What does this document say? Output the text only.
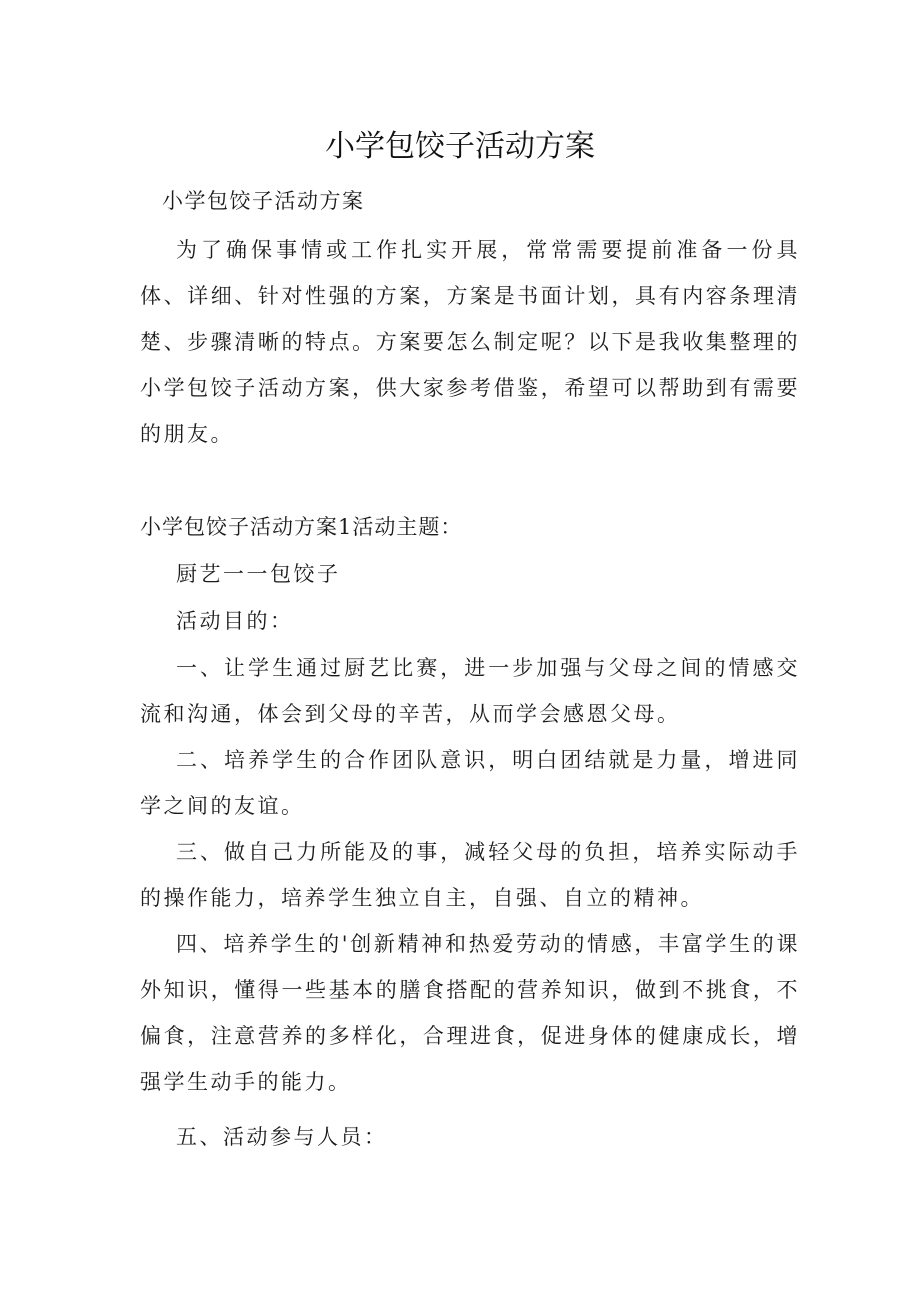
小学包饺子活动方案

小学包饺子活动方案

为了确保事情或工作扎实开展，常常需要提前准备一份具体、详细、针对性强的方案，方案是书面计划，具有内容条理清楚、步骤清晰的特点。方案要怎么制定呢？以下是我收集整理的小学包饺子活动方案，供大家参考借鉴，希望可以帮助到有需要的朋友。

小学包饺子活动方案1活动主题：

厨艺一一包饺子

活动目的：

一、让学生通过厨艺比赛，进一步加强与父母之间的情感交流和沟通，体会到父母的辛苦，从而学会感恩父母。

二、培养学生的合作团队意识，明白团结就是力量，增进同学之间的友谊。

三、做自己力所能及的事，减轻父母的负担，培养实际动手的操作能力，培养学生独立自主，自强、自立的精神。

四、培养学生的'创新精神和热爱劳动的情感，丰富学生的课外知识，懂得一些基本的膳食搭配的营养知识，做到不挑食，不偏食，注意营养的多样化，合理进食，促进身体的健康成长，增强学生动手的能力。

五、活动参与人员：
